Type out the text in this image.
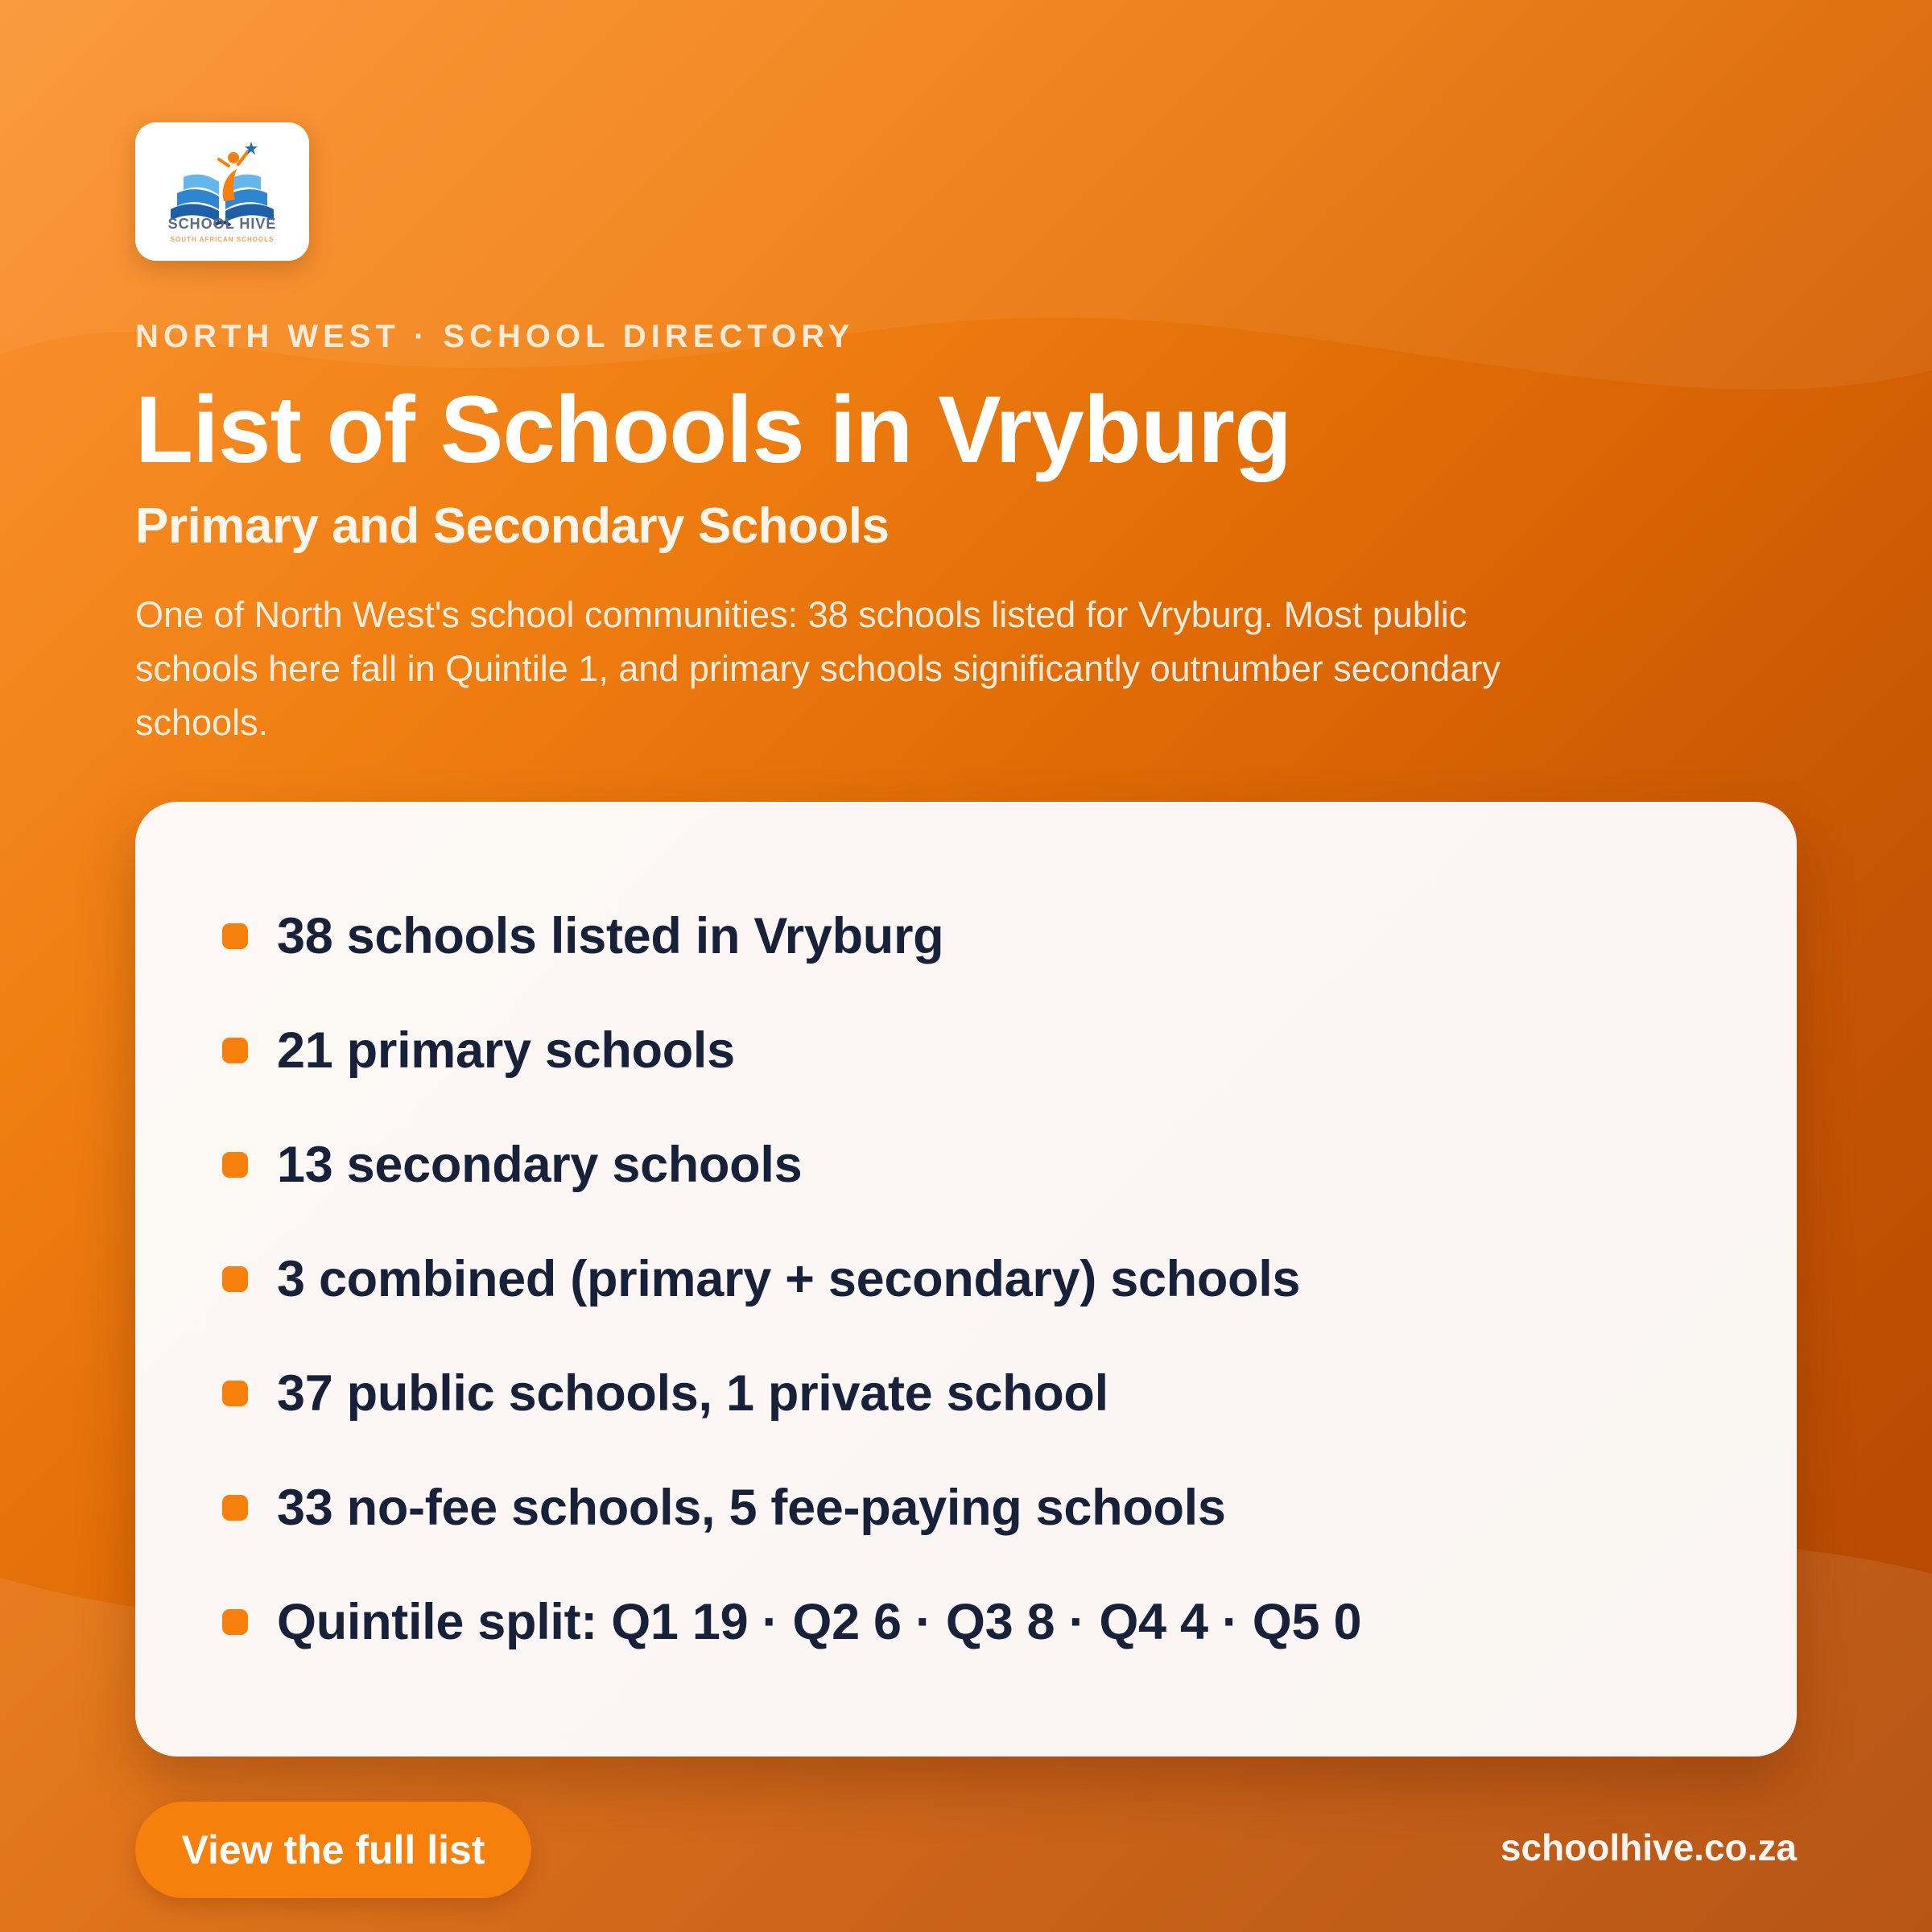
SCHOOL HIVE
SOUTH AFRICAN SCHOOLS
NORTH WEST · SCHOOL DIRECTORY
List of Schools in Vryburg
Primary and Secondary Schools

One of North West's school communities: 38 schools listed for Vryburg. Most public schools here fall in Quintile 1, and primary schools significantly outnumber secondary schools.

38 schools listed in Vryburg
21 primary schools
13 secondary schools
3 combined (primary + secondary) schools
37 public schools, 1 private school
33 no-fee schools, 5 fee-paying schools
Quintile split: Q1 19 · Q2 6 · Q3 8 · Q4 4 · Q5 0
View the full list	schoolhive.co.za
